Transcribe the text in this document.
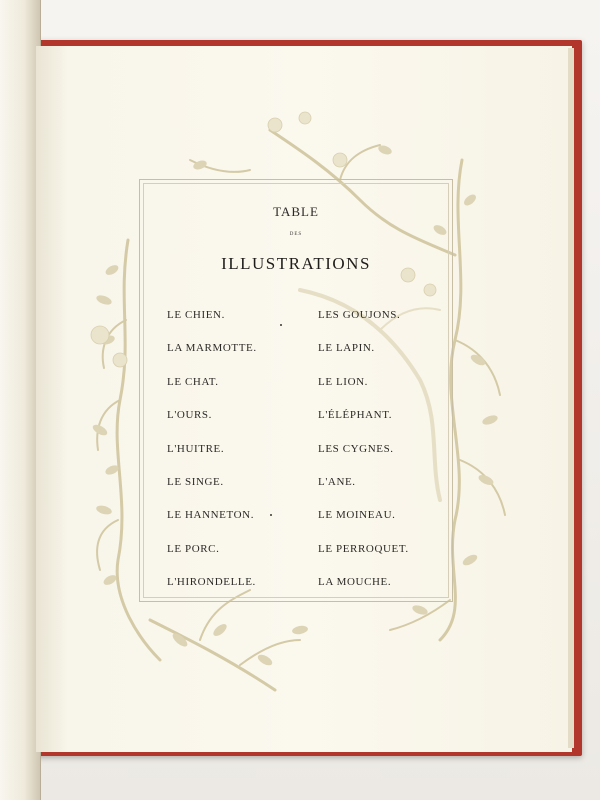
TABLE
DES
ILLUSTRATIONS
LE CHIEN.
LA MARMOTTE.
LE CHAT.
L'OURS.
L'HUITRE.
LE SINGE.
LE HANNETON.
LE PORC.
L'HIRONDELLE.
LES GOUJONS.
LE LAPIN.
LE LION.
L'ÉLÉPHANT.
LES CYGNES.
L'ANE.
LE MOINEAU.
LE PERROQUET.
LA MOUCHE.
